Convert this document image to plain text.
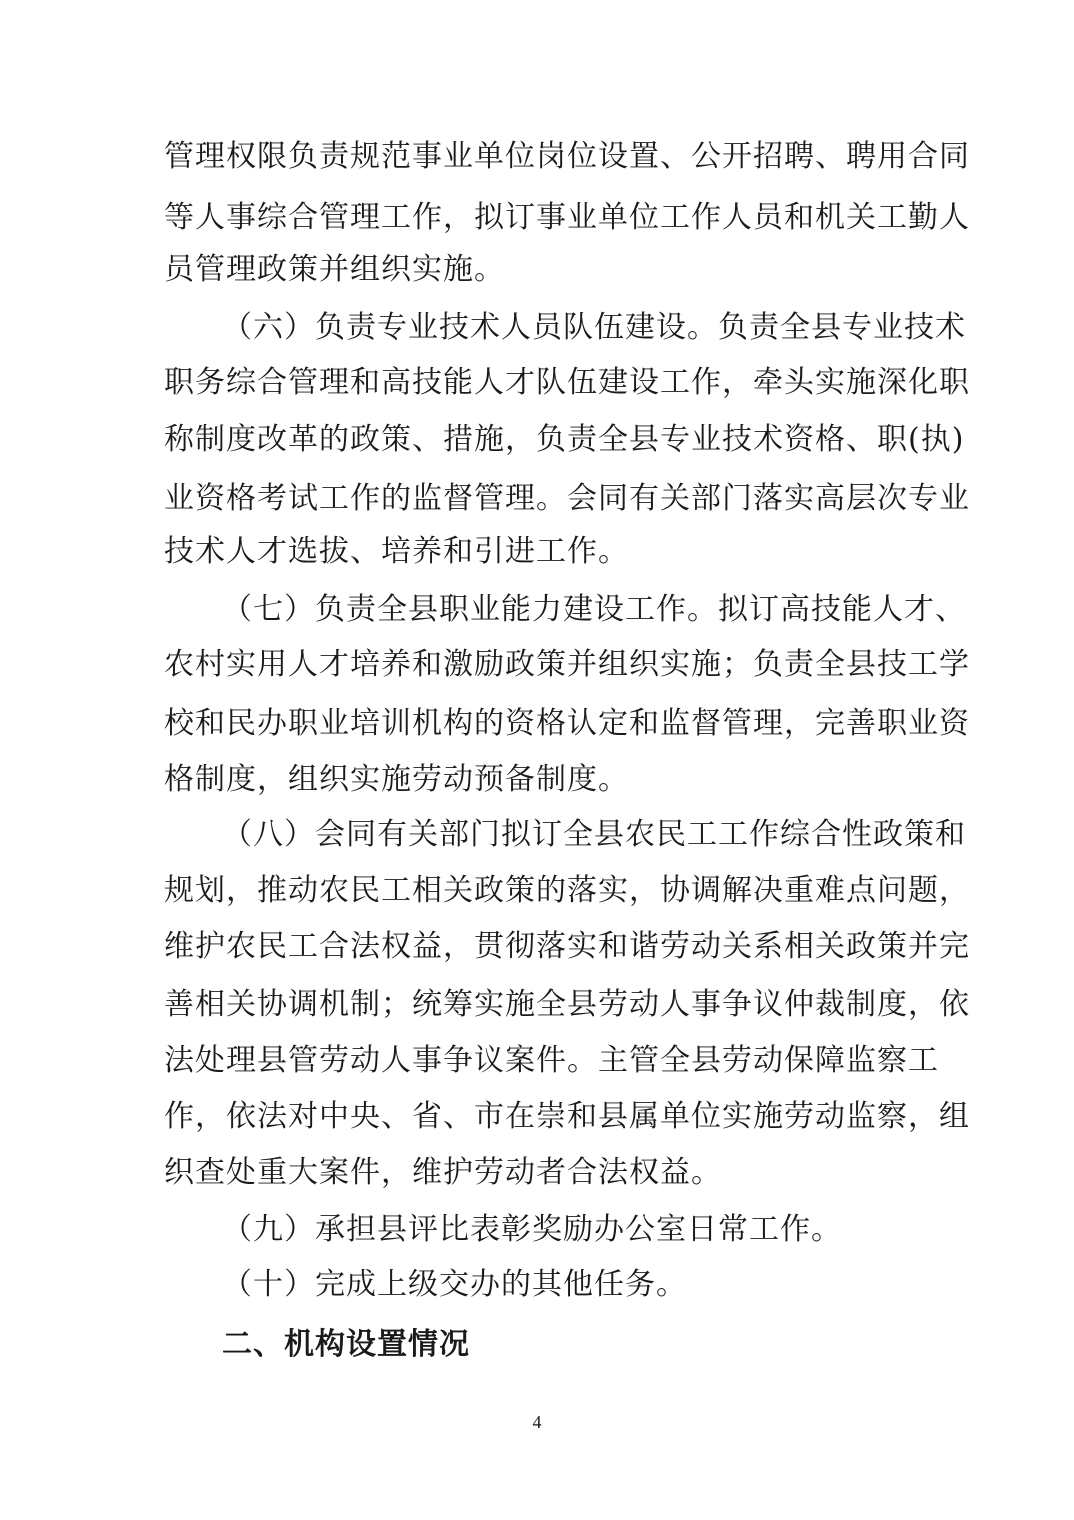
管理权限负责规范事业单位岗位设置、公开招聘、聘用合同
等人事综合管理工作，拟订事业单位工作人员和机关工勤人
员管理政策并组织实施。
（六）负责专业技术人员队伍建设。负责全县专业技术
职务综合管理和高技能人才队伍建设工作，牵头实施深化职
称制度改革的政策、措施，负责全县专业技术资格、职(执)
业资格考试工作的监督管理。会同有关部门落实高层次专业
技术人才选拔、培养和引进工作。
（七）负责全县职业能力建设工作。拟订高技能人才、
农村实用人才培养和激励政策并组织实施；负责全县技工学
校和民办职业培训机构的资格认定和监督管理，完善职业资
格制度，组织实施劳动预备制度。
（八）会同有关部门拟订全县农民工工作综合性政策和
规划，推动农民工相关政策的落实，协调解决重难点问题，
维护农民工合法权益，贯彻落实和谐劳动关系相关政策并完
善相关协调机制；统筹实施全县劳动人事争议仲裁制度，依
法处理县管劳动人事争议案件。主管全县劳动保障监察工
作，依法对中央、省、市在崇和县属单位实施劳动监察，组
织查处重大案件，维护劳动者合法权益。
（九）承担县评比表彰奖励办公室日常工作。
（十）完成上级交办的其他任务。
二、机构设置情况
4
